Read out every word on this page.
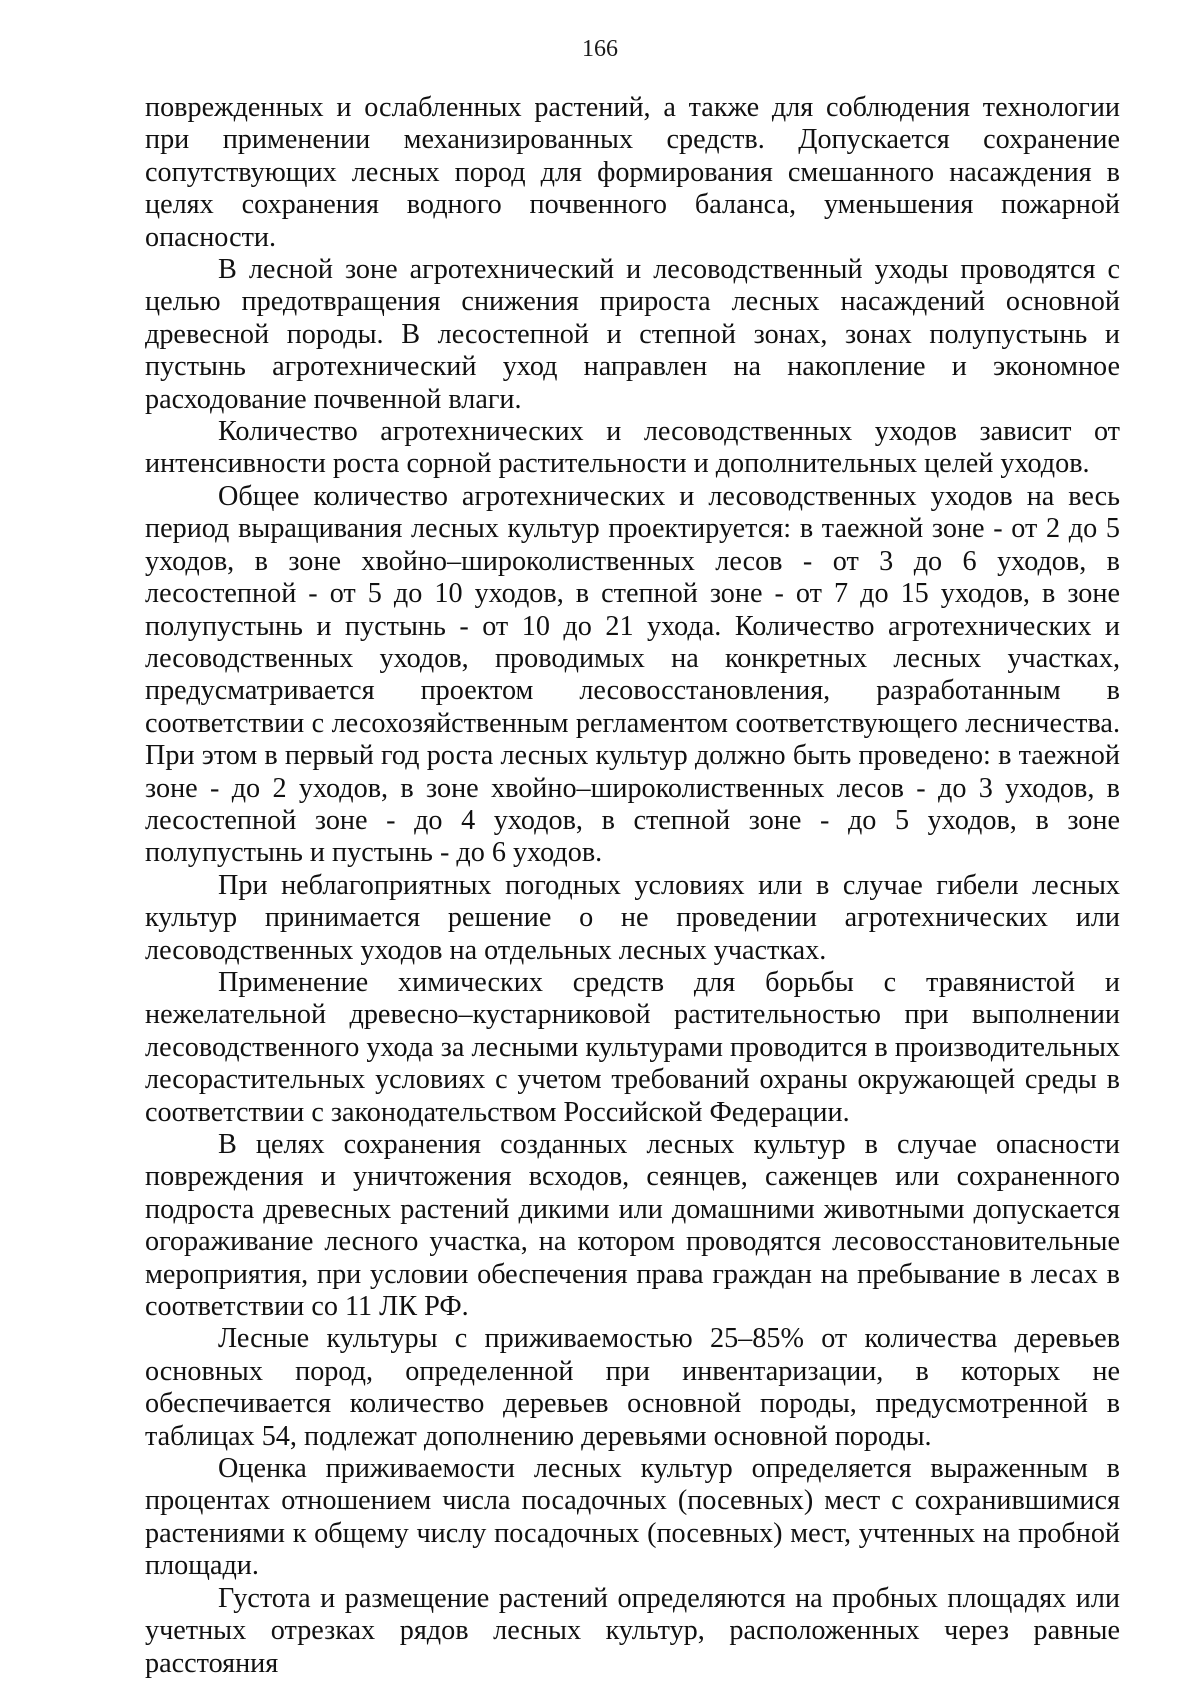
166

поврежденных и ослабленных растений, а также для соблюдения технологии при применении механизированных средств. Допускается сохранение сопутствующих лесных пород для формирования смешанного насаждения в целях сохранения водного почвенного баланса, уменьшения пожарной опасности.

В лесной зоне агротехнический и лесоводственный уходы проводятся с целью предотвращения снижения прироста лесных насаждений основной древесной породы. В лесостепной и степной зонах, зонах полупустынь и пустынь агротехнический уход направлен на накопление и экономное расходование почвенной влаги.

Количество агротехнических и лесоводственных уходов зависит от интенсивности роста сорной растительности и дополнительных целей уходов.

Общее количество агротехнических и лесоводственных уходов на весь период выращивания лесных культур проектируется: в таежной зоне - от 2 до 5 уходов, в зоне хвойно–широколиственных лесов - от 3 до 6 уходов, в лесостепной - от 5 до 10 уходов, в степной зоне - от 7 до 15 уходов, в зоне полупустынь и пустынь - от 10 до 21 ухода. Количество агротехнических и лесоводственных уходов, проводимых на конкретных лесных участках, предусматривается проектом лесовосстановления, разработанным в соответствии с лесохозяйственным регламентом соответствующего лесничества. При этом в первый год роста лесных культур должно быть проведено: в таежной зоне - до 2 уходов, в зоне хвойно–широколиственных лесов - до 3 уходов, в лесостепной зоне - до 4 уходов, в степной зоне - до 5 уходов, в зоне полупустынь и пустынь - до 6 уходов.

При неблагоприятных погодных условиях или в случае гибели лесных культур принимается решение о не проведении агротехнических или лесоводственных уходов на отдельных лесных участках.

Применение химических средств для борьбы с травянистой и нежелательной древесно–кустарниковой растительностью при выполнении лесоводственного ухода за лесными культурами проводится в производительных лесорастительных условиях с учетом требований охраны окружающей среды в соответствии с законодательством Российской Федерации.

В целях сохранения созданных лесных культур в случае опасности повреждения и уничтожения всходов, сеянцев, саженцев или сохраненного подроста древесных растений дикими или домашними животными допускается огораживание лесного участка, на котором проводятся лесовосстановительные мероприятия, при условии обеспечения права граждан на пребывание в лесах в соответствии со 11 ЛК РФ.

Лесные культуры с приживаемостью 25–85% от количества деревьев основных пород, определенной при инвентаризации, в которых не обеспечивается количество деревьев основной породы, предусмотренной в таблицах 54, подлежат дополнению деревьями основной породы.

Оценка приживаемости лесных культур определяется выраженным в процентах отношением числа посадочных (посевных) мест с сохранившимися растениями к общему числу посадочных (посевных) мест, учтенных на пробной площади.

Густота и размещение растений определяются на пробных площадях или учетных отрезках рядов лесных культур, расположенных через равные расстояния
